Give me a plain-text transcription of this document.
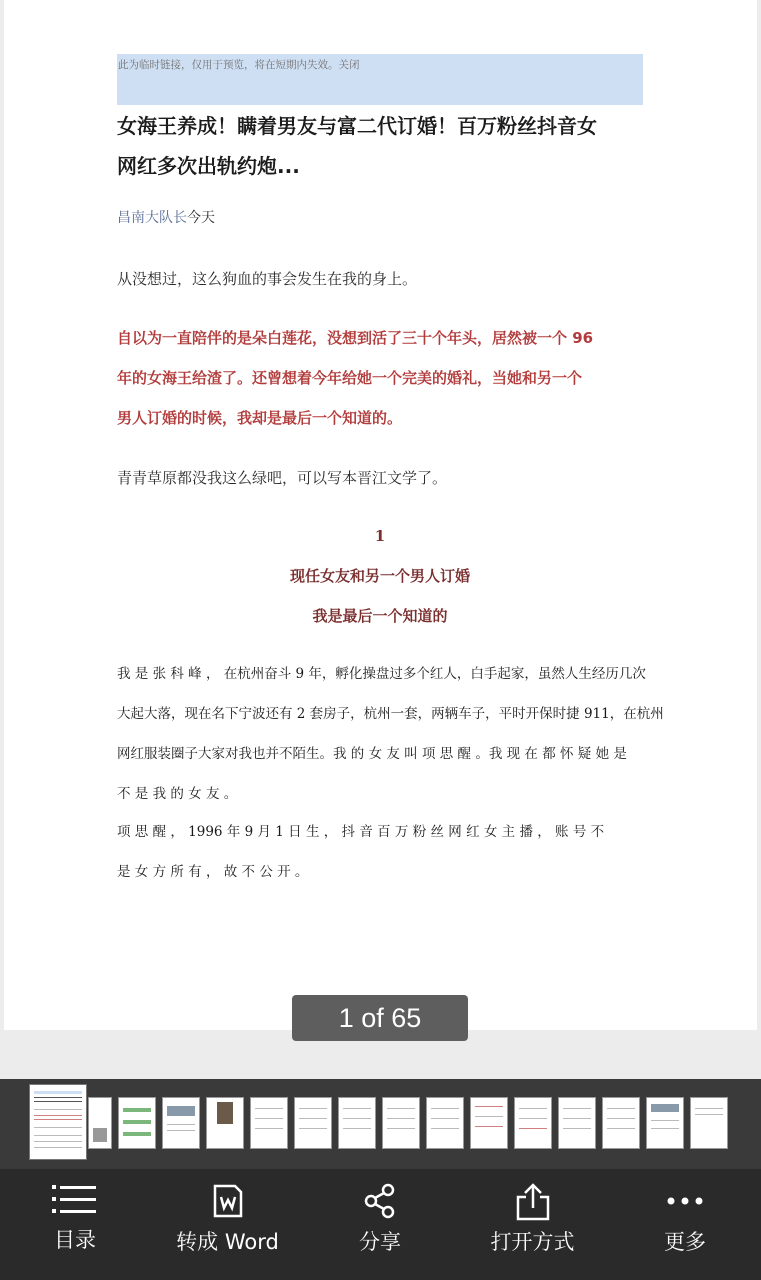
此为临时链接，仅用于预览，将在短期内失效。关闭
女海王养成！瞒着男友与富二代订婚！百万粉丝抖音女
网红多次出轨约炮...
昌南大队长今天
从没想过，这么狗血的事会发生在我的身上。
自以为一直陪伴的是朵白莲花，没想到活了三十个年头，居然被一个 96
年的女海王给渣了。还曾想着今年给她一个完美的婚礼，当她和另一个
男人订婚的时候，我却是最后一个知道的。
青青草原都没我这么绿吧，可以写本晋江文学了。
1
现任女友和另一个男人订婚
我是最后一个知道的
我 是 张 科 峰 ， 在杭州奋斗 9 年，孵化操盘过多个红人，白手起家，虽然人生经历几次
大起大落，现在名下宁波还有 2 套房子，杭州一套，两辆车子，平时开保时捷 911，在杭州
网红服装圈子大家对我也并不陌生。我 的 女 友 叫 项 思 醒 。我 现 在 都 怀 疑 她 是
不 是 我 的 女 友 。
项 思 醒 ， 1996 年 9 月 1 日 生 ， 抖 音 百 万 粉 丝 网 红 女 主 播 ， 账 号 不
是 女 方 所 有 ， 故 不 公 开 。
1 of 65
目录	转成 Word	分享	打开方式	更多
